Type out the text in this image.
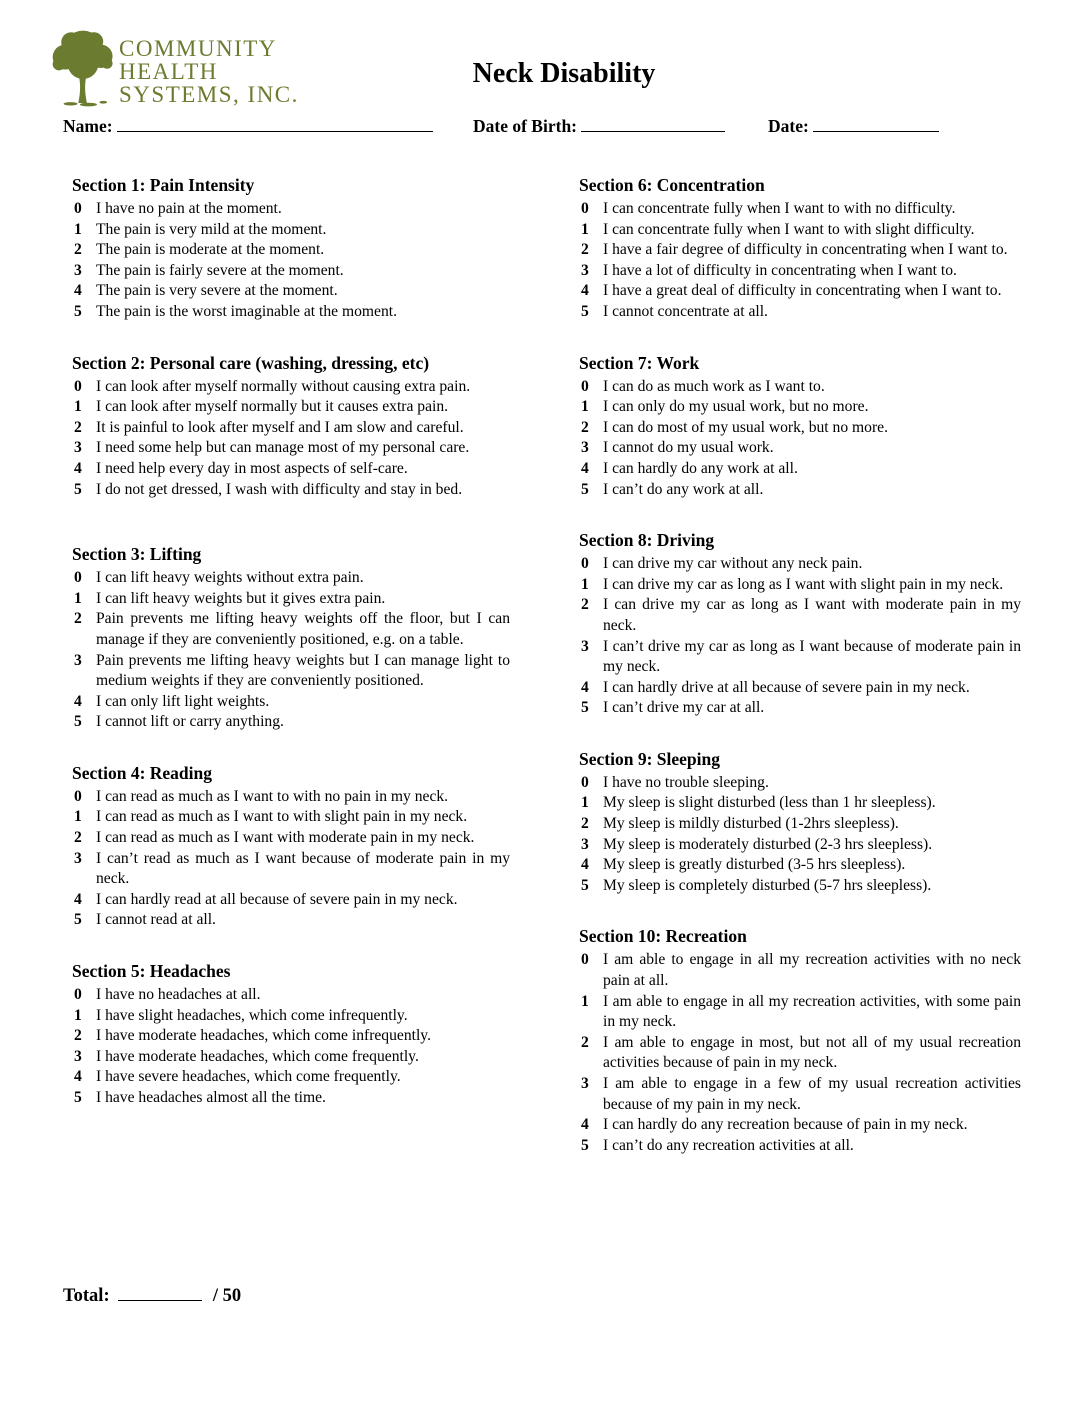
COMMUNITY
HEALTH
SYSTEMS, INC.
Neck Disability
Name:	Date of Birth:	Date:
Section 1: Pain Intensity
0 I have no pain at the moment.
1 The pain is very mild at the moment.
2 The pain is moderate at the moment.
3 The pain is fairly severe at the moment.
4 The pain is very severe at the moment.
5 The pain is the worst imaginable at the moment.
Section 2: Personal care (washing, dressing, etc)
0 I can look after myself normally without causing extra pain.
1 I can look after myself normally but it causes extra pain.
2 It is painful to look after myself and I am slow and careful.
3 I need some help but can manage most of my personal care.
4 I need help every day in most aspects of self-care.
5 I do not get dressed, I wash with difficulty and stay in bed.
Section 3: Lifting
0 I can lift heavy weights without extra pain.
1 I can lift heavy weights but it gives extra pain.
2 Pain prevents me lifting heavy weights off the floor, but I can manage if they are conveniently positioned, e.g. on a table.
3 Pain prevents me lifting heavy weights but I can manage light to medium weights if they are conveniently positioned.
4 I can only lift light weights.
5 I cannot lift or carry anything.
Section 4: Reading
0 I can read as much as I want to with no pain in my neck.
1 I can read as much as I want to with slight pain in my neck.
2 I can read as much as I want with moderate pain in my neck.
3 I can’t read as much as I want because of moderate pain in my neck.
4 I can hardly read at all because of severe pain in my neck.
5 I cannot read at all.
Section 5: Headaches
0 I have no headaches at all.
1 I have slight headaches, which come infrequently.
2 I have moderate headaches, which come infrequently.
3 I have moderate headaches, which come frequently.
4 I have severe headaches, which come frequently.
5 I have headaches almost all the time.
Section 6: Concentration
0 I can concentrate fully when I want to with no difficulty.
1 I can concentrate fully when I want to with slight difficulty.
2 I have a fair degree of difficulty in concentrating when I want to.
3 I have a lot of difficulty in concentrating when I want to.
4 I have a great deal of difficulty in concentrating when I want to.
5 I cannot concentrate at all.
Section 7: Work
0 I can do as much work as I want to.
1 I can only do my usual work, but no more.
2 I can do most of my usual work, but no more.
3 I cannot do my usual work.
4 I can hardly do any work at all.
5 I can’t do any work at all.
Section 8: Driving
0 I can drive my car without any neck pain.
1 I can drive my car as long as I want with slight pain in my neck.
2 I can drive my car as long as I want with moderate pain in my neck.
3 I can’t drive my car as long as I want because of moderate pain in my neck.
4 I can hardly drive at all because of severe pain in my neck.
5 I can’t drive my car at all.
Section 9: Sleeping
0 I have no trouble sleeping.
1 My sleep is slight disturbed (less than 1 hr sleepless).
2 My sleep is mildly disturbed (1-2hrs sleepless).
3 My sleep is moderately disturbed (2-3 hrs sleepless).
4 My sleep is greatly disturbed (3-5 hrs sleepless).
5 My sleep is completely disturbed (5-7 hrs sleepless).
Section 10: Recreation
0 I am able to engage in all my recreation activities with no neck pain at all.
1 I am able to engage in all my recreation activities, with some pain in my neck.
2 I am able to engage in most, but not all of my usual recreation activities because of pain in my neck.
3 I am able to engage in a few of my usual recreation activities because of my pain in my neck.
4 I can hardly do any recreation because of pain in my neck.
5 I can’t do any recreation activities at all.
Total:	/ 50
